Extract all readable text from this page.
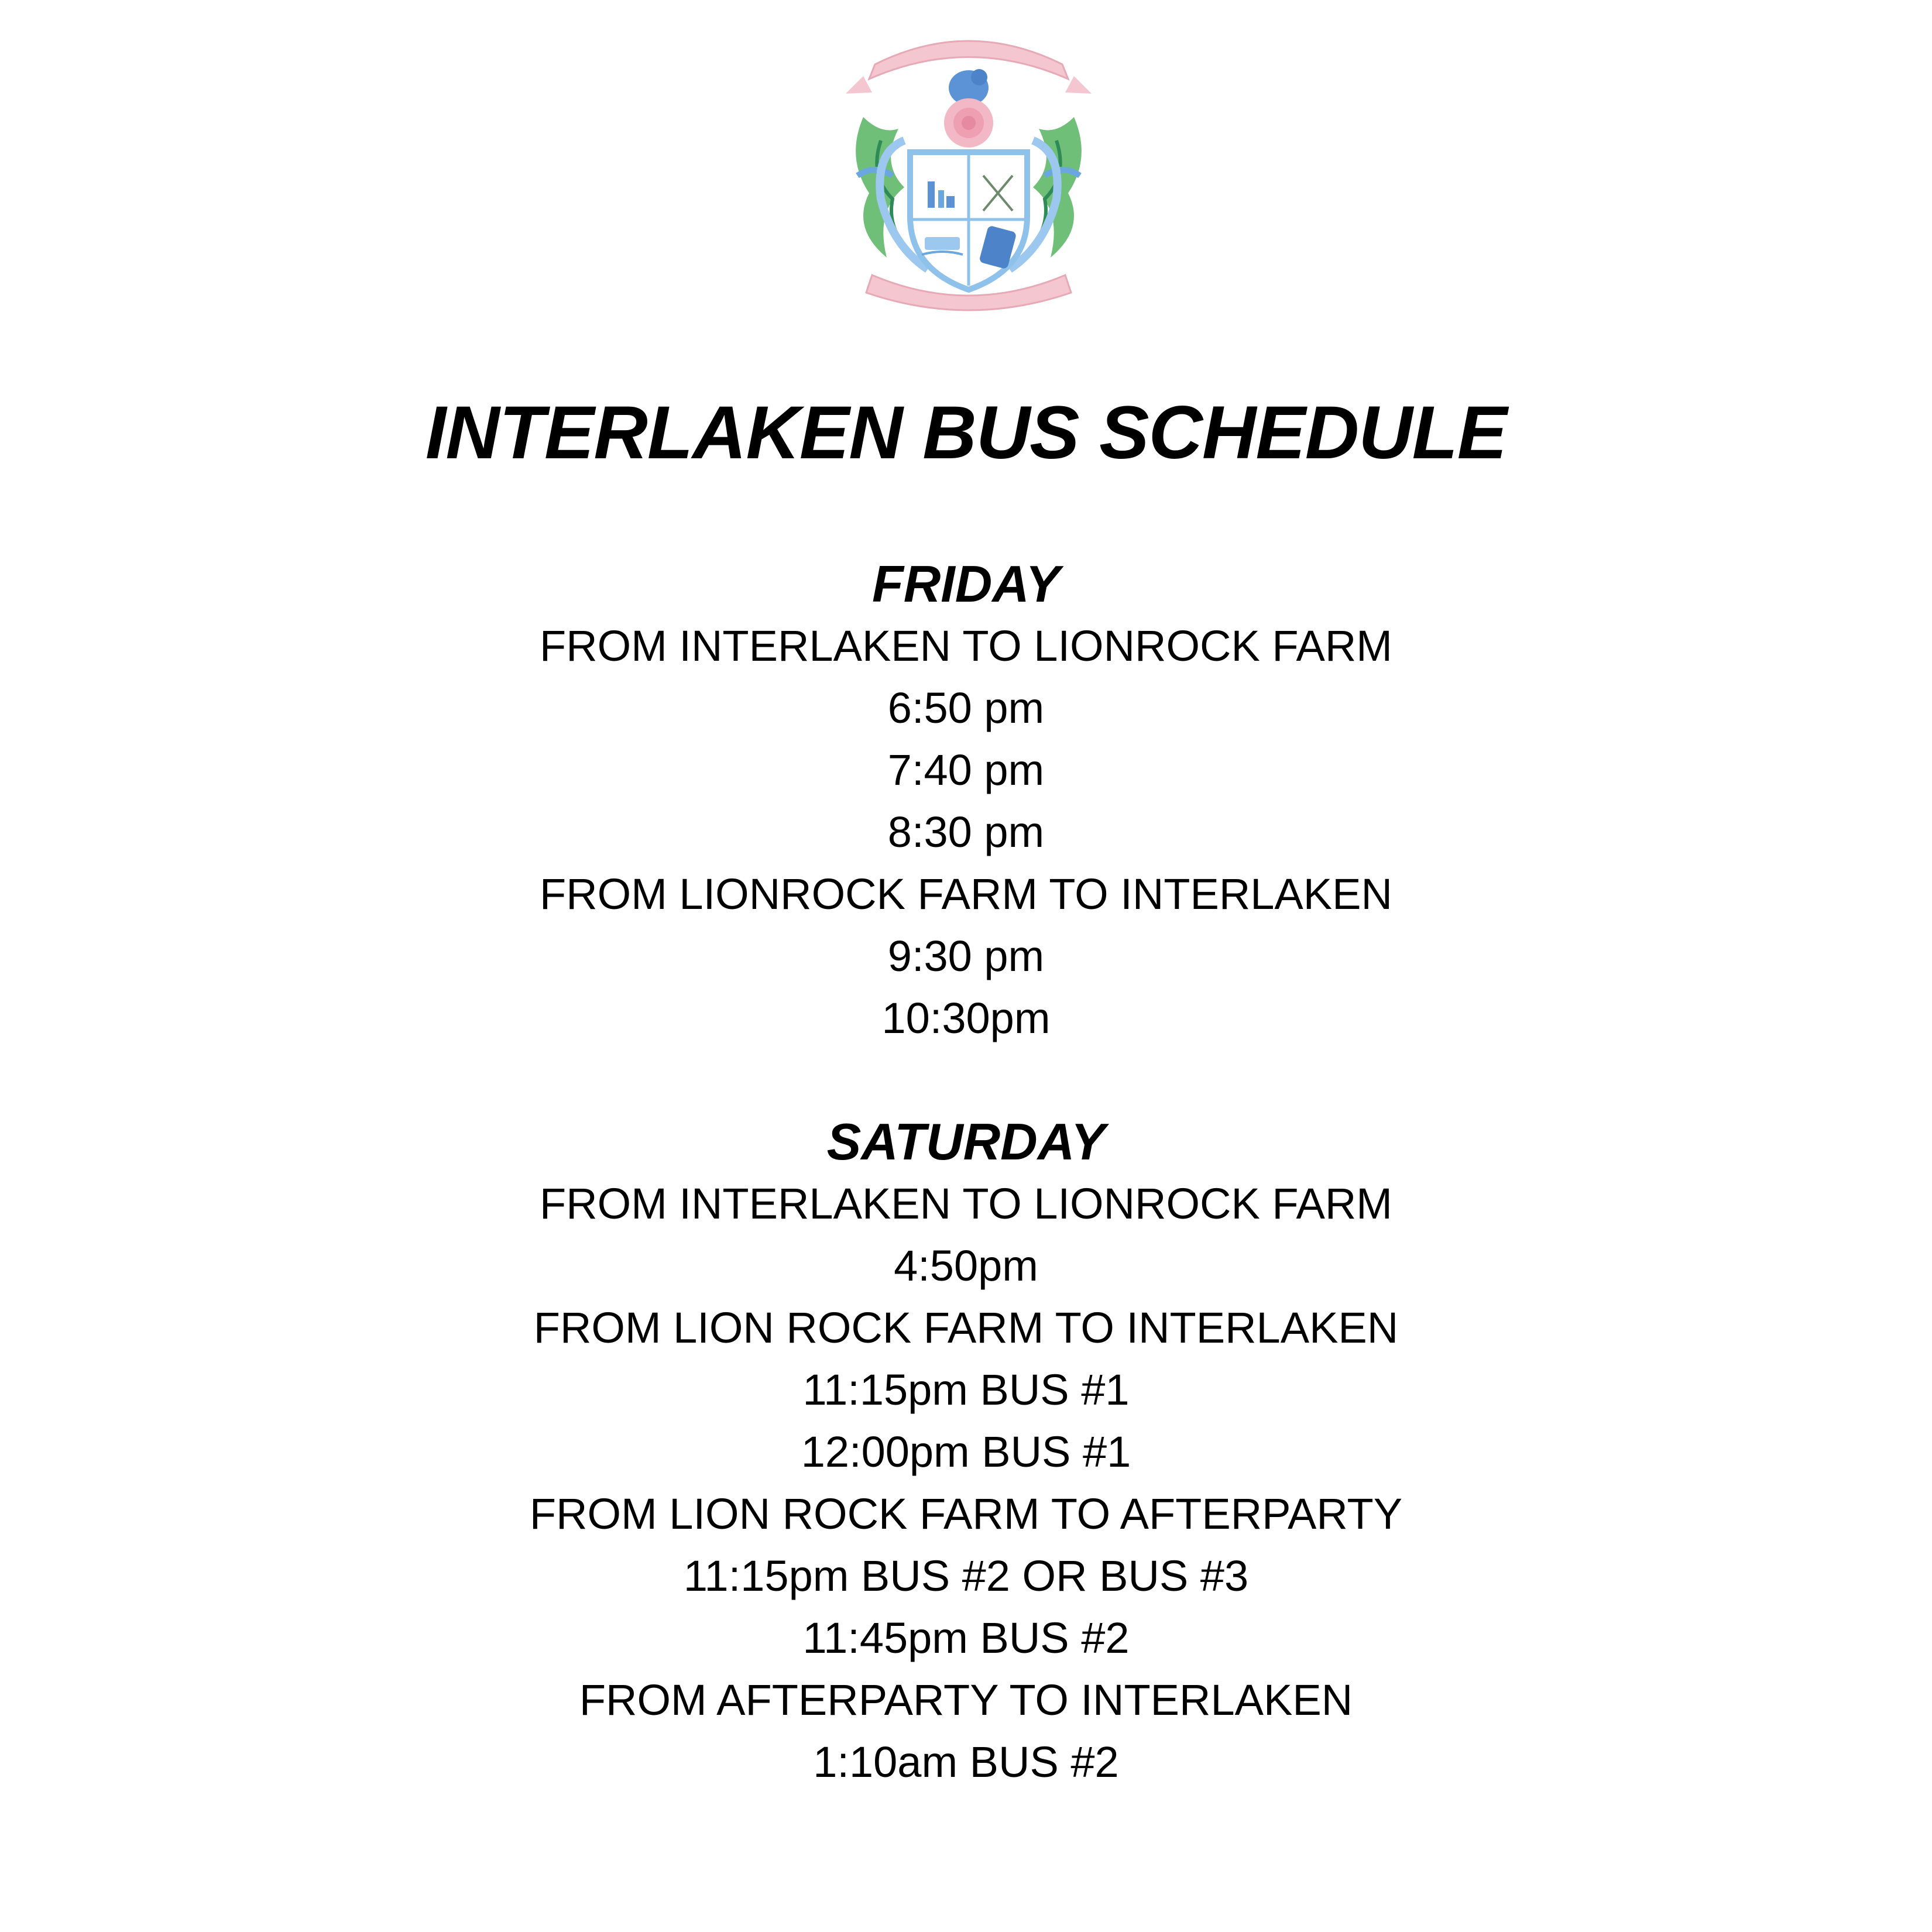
INTERLAKEN BUS SCHEDULE

FRIDAY

FROM INTERLAKEN TO LIONROCK FARM

6:50 pm

7:40 pm

8:30 pm

FROM LIONROCK FARM TO INTERLAKEN

9:30 pm

10:30pm

SATURDAY

FROM INTERLAKEN TO LIONROCK FARM

4:50pm

FROM LION ROCK FARM TO INTERLAKEN

11:15pm BUS #1

12:00pm BUS #1

FROM LION ROCK FARM TO AFTERPARTY

11:15pm BUS #2 OR BUS #3

11:45pm BUS #2

FROM AFTERPARTY TO INTERLAKEN

1:10am BUS #2
